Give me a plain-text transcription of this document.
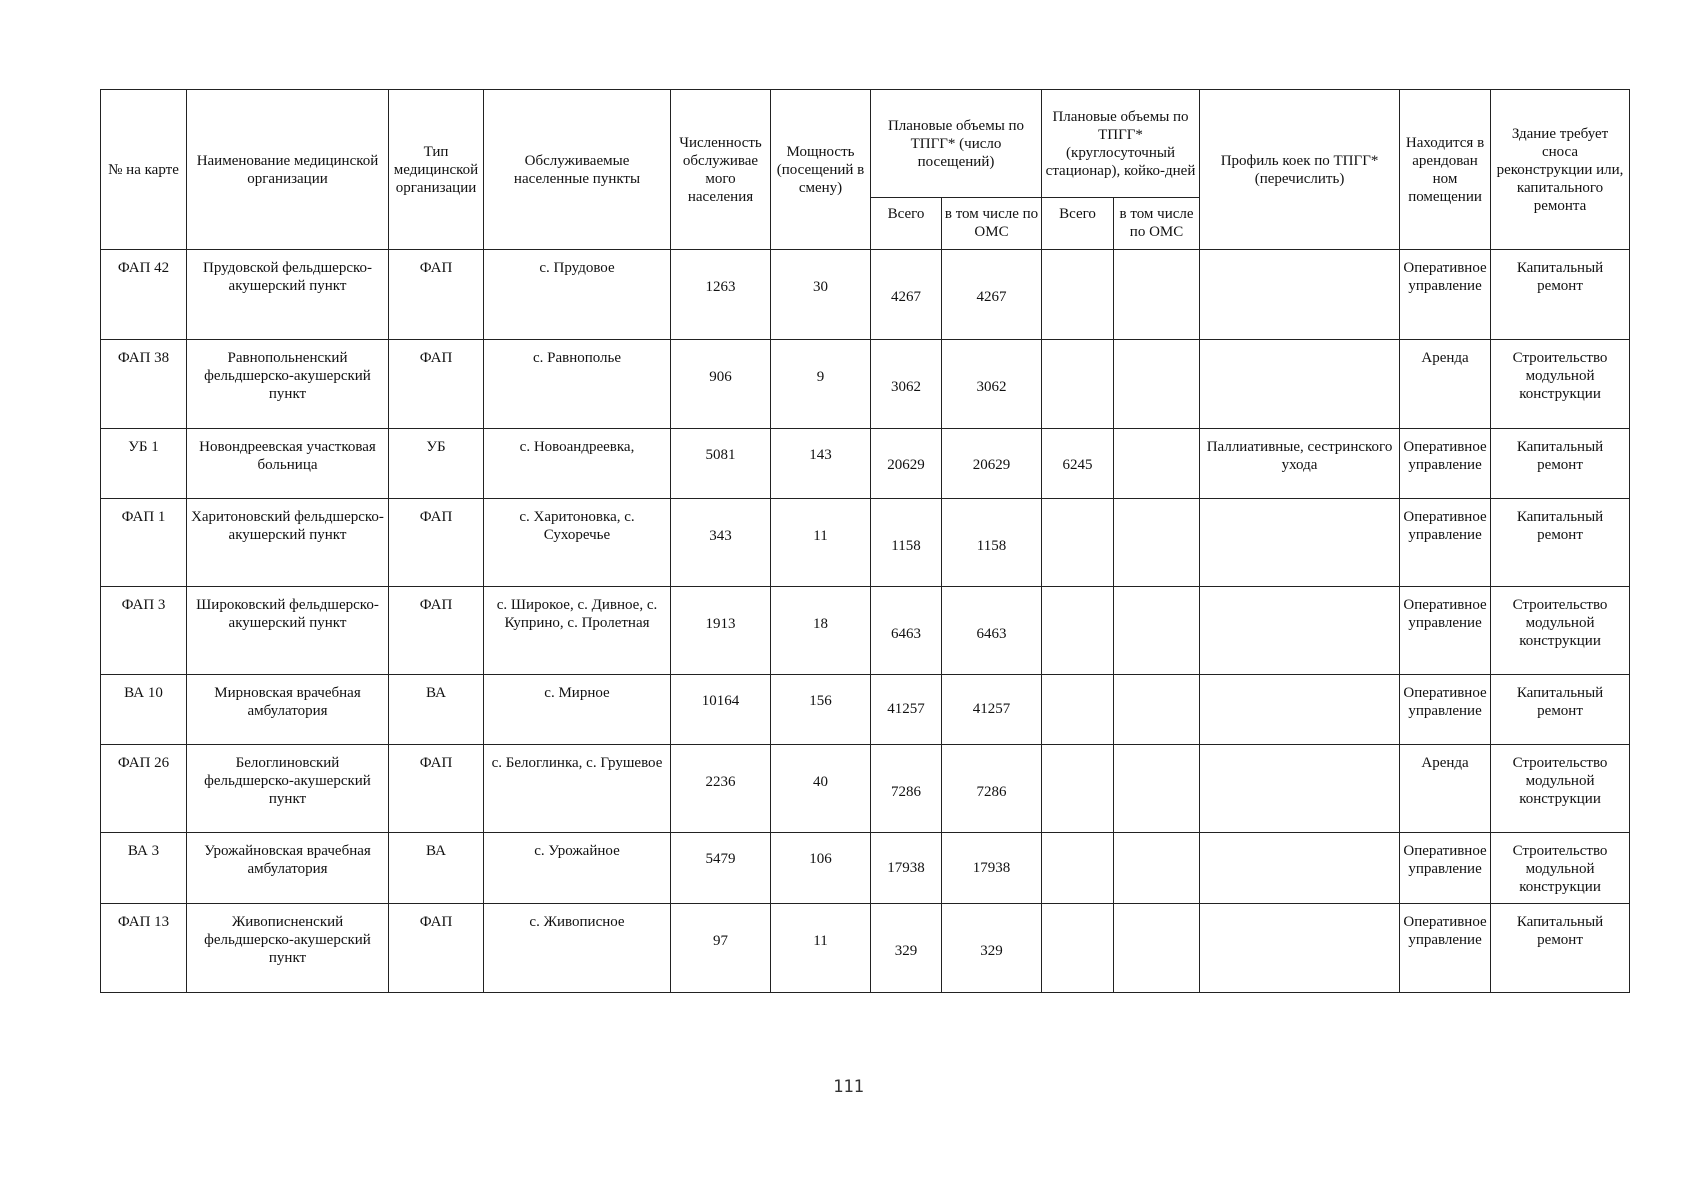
№ на карте	Наименование медицинской организации	Тип медицинской организации	Обслуживаемые населенные пункты	Численность обслуживае мого населения	Мощность (посещений в смену)	Плановые объемы по ТПГГ* (число посещений)		Плановые объемы по ТПГГ* (круглосуточный стационар), койко-дней		Профиль коек по ТПГГ* (перечислить)	Находится в арендован ном помещении	Здание требует сноса реконструкции или, капитального ремонта
						Всего	в том числе по ОМС	Всего	в том числе по ОМС			
ФАП 42	Прудовской фельдшерско-акушерский пункт	ФАП	с. Прудовое	1263	30	4267	4267				Оперативное управление	Капитальный ремонт
ФАП 38	Равнопольненский фельдшерско-акушерский пункт	ФАП	с. Равнополье	906	9	3062	3062				Аренда	Строительство модульной конструкции
УБ 1	Новондреевская участковая больница	УБ	с. Новоандреевка,	5081	143	20629	20629	6245		Паллиативные, сестринского ухода	Оперативное управление	Капитальный ремонт
ФАП 1	Харитоновский фельдшерско-акушерский пункт	ФАП	с. Харитоновка, с. Сухоречье	343	11	1158	1158				Оперативное управление	Капитальный ремонт
ФАП 3	Широковский фельдшерско-акушерский пункт	ФАП	с. Широкое, с. Дивное, с. Куприно, с. Пролетная	1913	18	6463	6463				Оперативное управление	Строительство модульной конструкции
ВА 10	Мирновская врачебная амбулатория	ВА	с. Мирное	10164	156	41257	41257				Оперативное управление	Капитальный ремонт
ФАП 26	Белоглиновский фельдшерско-акушерский пункт	ФАП	с. Белоглинка, с. Грушевое	2236	40	7286	7286				Аренда	Строительство модульной конструкции
ВА 3	Урожайновская врачебная амбулатория	ВА	с. Урожайное	5479	106	17938	17938				Оперативное управление	Строительство модульной конструкции
ФАП 13	Живописненский фельдшерско-акушерский пункт	ФАП	с. Живописное	97	11	329	329				Оперативное управление	Капитальный ремонт
111
